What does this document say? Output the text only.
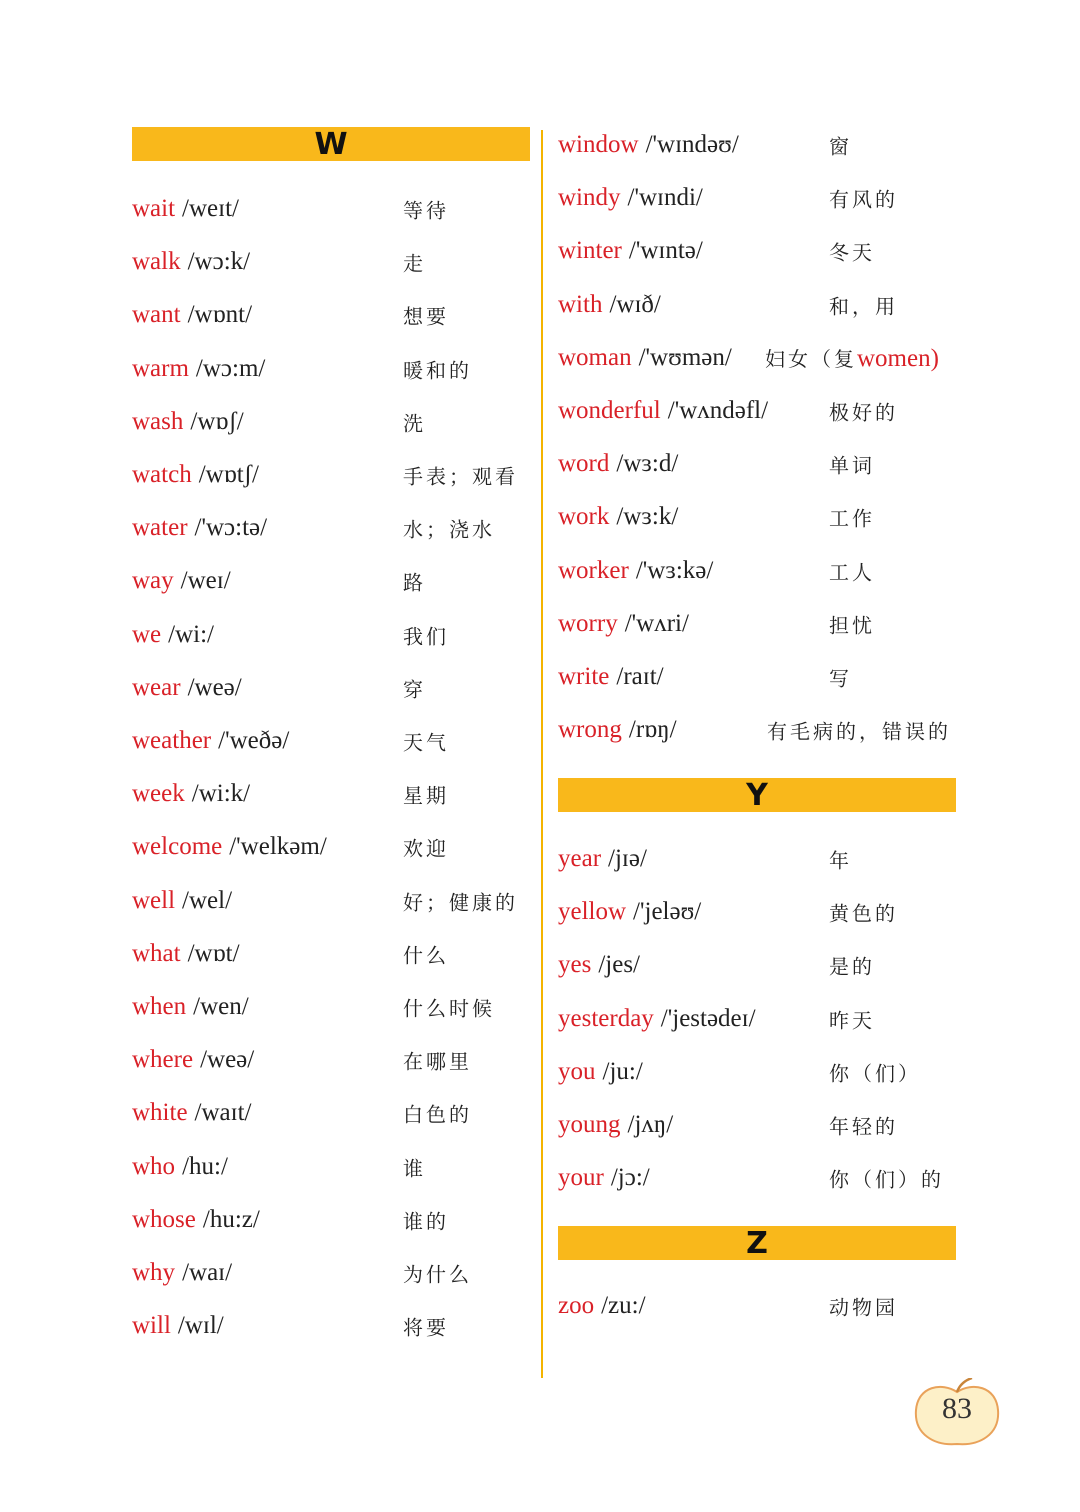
W
wait /weɪt/	等待
walk /wɔ:k/	走
want /wɒnt/	想要
warm /wɔ:m/	暖和的
wash /wɒʃ/	洗
watch /wɒtʃ/	手表；观看
water /'wɔ:tə/	水；浇水
way /weɪ/	路
we /wi:/	我们
wear /weə/	穿
weather /'weðə/	天气
week /wi:k/	星期
welcome /'welkəm/	欢迎
well /wel/	好；健康的
what /wɒt/	什么
when /wen/	什么时候
where /weə/	在哪里
white /waɪt/	白色的
who /hu:/	谁
whose /hu:z/	谁的
why /waɪ/	为什么
will /wɪl/	将要
window /'wɪndəʊ/	窗
windy /'wɪndi/	有风的
winter /'wɪntə/	冬天
with /wɪð/	和，用
woman /'wʊmən/ 妇女（复women)
wonderful /'wʌndəfl/	极好的
word /wɜ:d/	单词
work /wɜ:k/	工作
worker /'wɜ:kə/	工人
worry /'wʌri/	担忧
write /raɪt/	写
wrong /rɒŋ/	有毛病的，错误的
Y
year /jɪə/	年
yellow /'jeləʊ/	黄色的
yes /jes/	是的
yesterday /'jestədeɪ/	昨天
you /ju:/	你（们）
young /jʌŋ/	年轻的
your /jɔ:/	你（们）的
Z
zoo /zu:/	动物园
83
